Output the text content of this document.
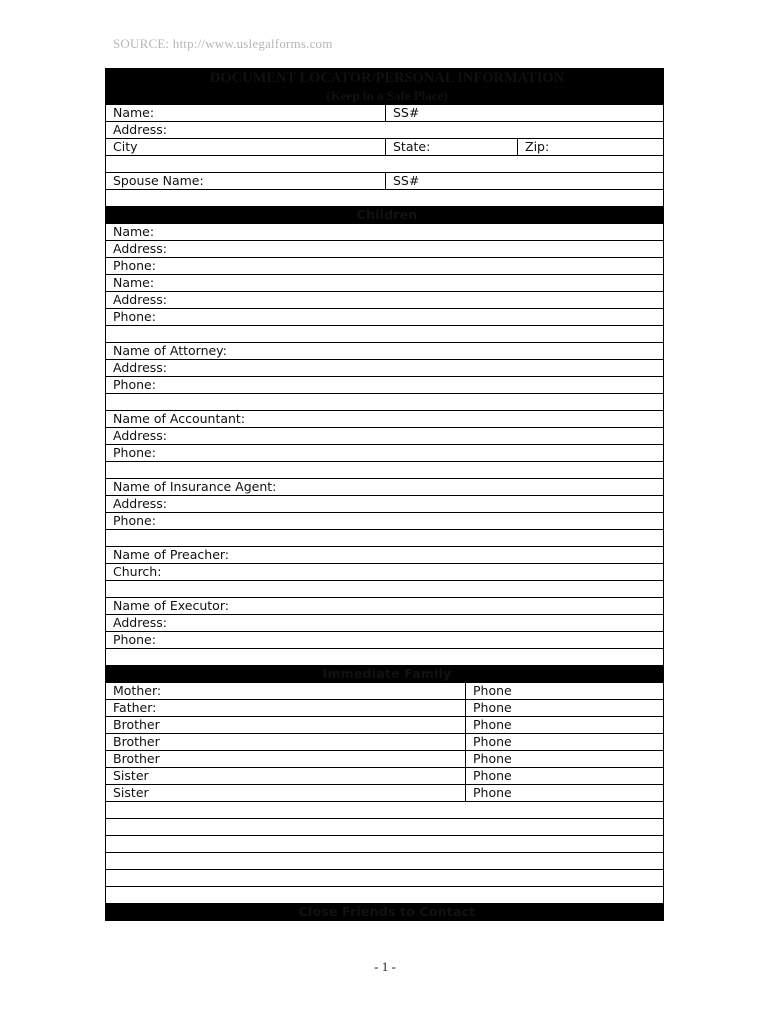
SOURCE: http://www.uslegalforms.com
DOCUMENT LOCATOR/PERSONAL INFORMATION
(Keep in a Safe Place)			

Name:	SS#		
Address:			
City	State:		Zip:

Spouse Name:	SS#		

Children			
Name:			
Address:			
Phone:			
Name:			
Address:			
Phone:			

Name of Attorney:			
Address:			
Phone:			

Name of Accountant:			
Address:			
Phone:			

Name of Insurance Agent:			
Address:			
Phone:			

Name of Preacher:			
Church:			

Name of Executor:			
Address:			
Phone:			

Immediate Family			
Mother:		Phone	
Father:		Phone	
Brother		Phone	
Brother		Phone	
Brother		Phone	
Sister		Phone	
Sister		Phone	

Close Friends to Contact			
- 1 -
